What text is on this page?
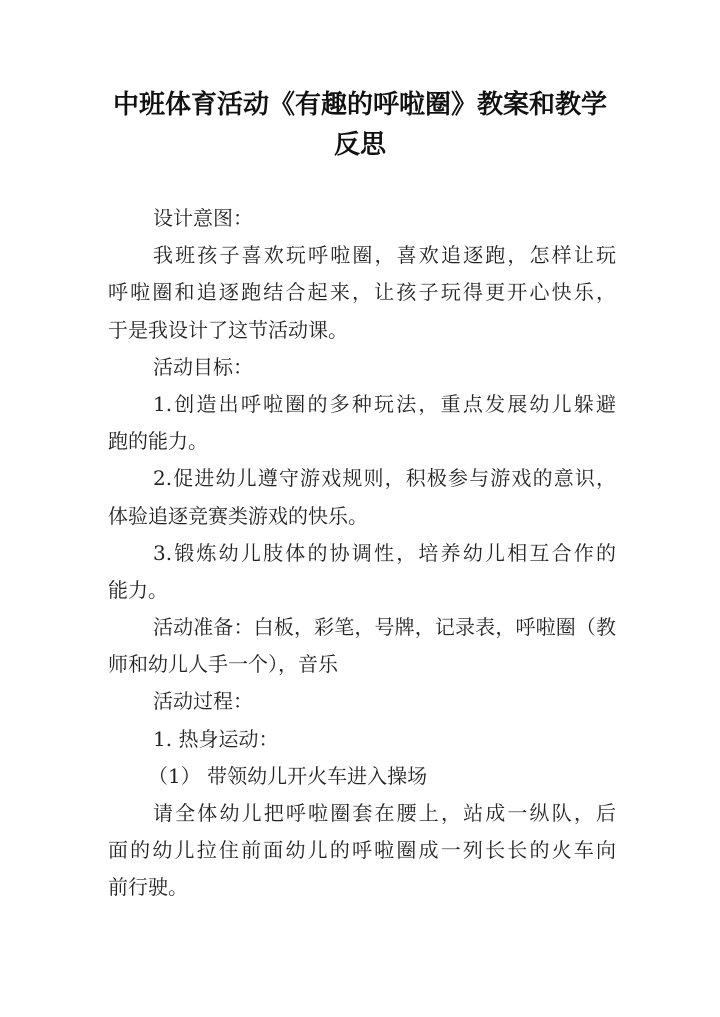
中班体育活动《有趣的呼啦圈》教案和教学
反思
设计意图：
我班孩子喜欢玩呼啦圈，喜欢追逐跑，怎样让玩
呼啦圈和追逐跑结合起来，让孩子玩得更开心快乐，
于是我设计了这节活动课。
活动目标：
1.创造出呼啦圈的多种玩法，重点发展幼儿躲避
跑的能力。
2.促进幼儿遵守游戏规则，积极参与游戏的意识，
体验追逐竞赛类游戏的快乐。
3.锻炼幼儿肢体的协调性，培养幼儿相互合作的
能力。
活动准备：白板，彩笔，号牌，记录表，呼啦圈（教
师和幼儿人手一个），音乐
活动过程：
1. 热身运动：
（1） 带领幼儿开火车进入操场
请全体幼儿把呼啦圈套在腰上，站成一纵队，后
面的幼儿拉住前面幼儿的呼啦圈成一列长长的火车向
前行驶。
